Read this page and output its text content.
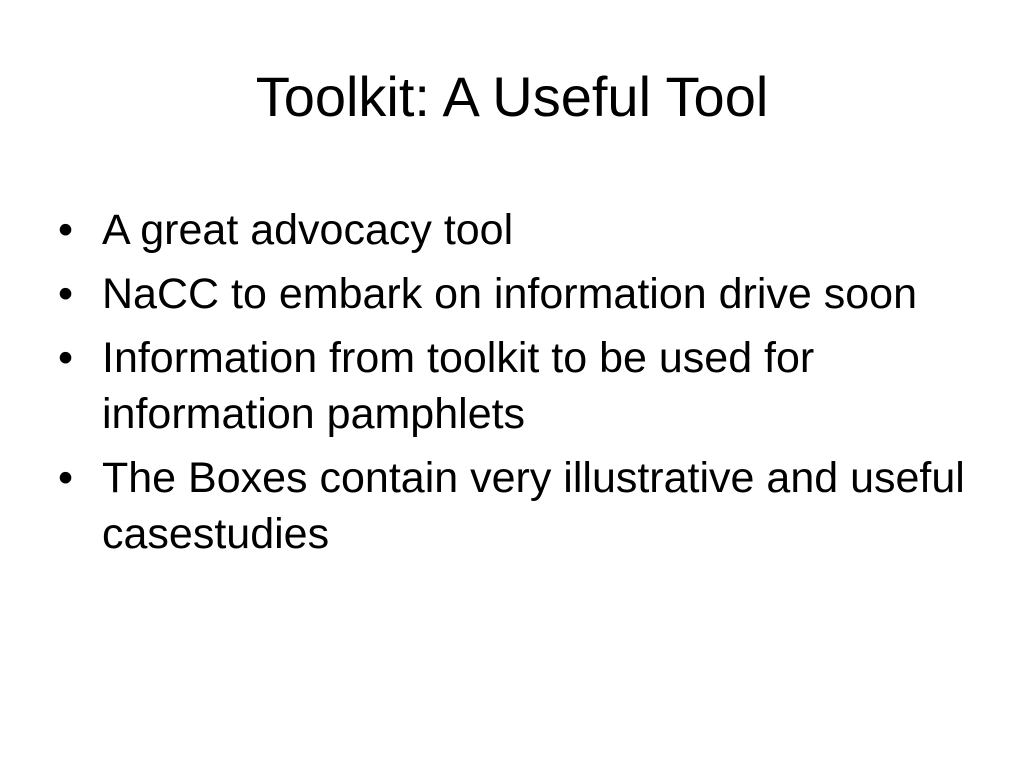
Toolkit: A Useful Tool
• A great advocacy tool
• NaCC to embark on information drive soon
• Information from toolkit to be used for information pamphlets
• The Boxes contain very illustrative and useful casestudies
